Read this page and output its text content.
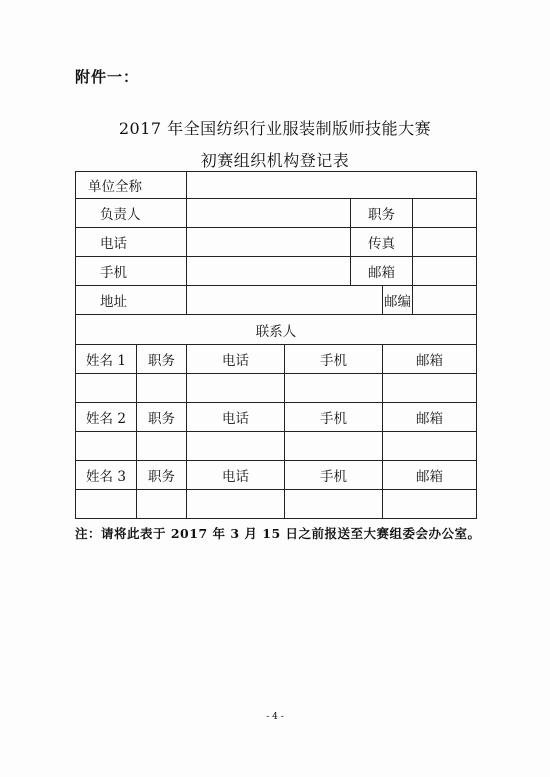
附件一：
2017 年全国纺织行业服装制版师技能大赛
初赛组织机构登记表
单位全称						
负责人				职务		
电话				传真		
手机				邮箱		
地址					邮编	
联系人						
姓名 1	职务	电话	手机		邮箱	

姓名 2	职务	电话	手机		邮箱	

姓名 3	职务	电话	手机		邮箱	

注：请将此表于 2017 年 3 月 15 日之前报送至大赛组委会办公室。
- 4 -
